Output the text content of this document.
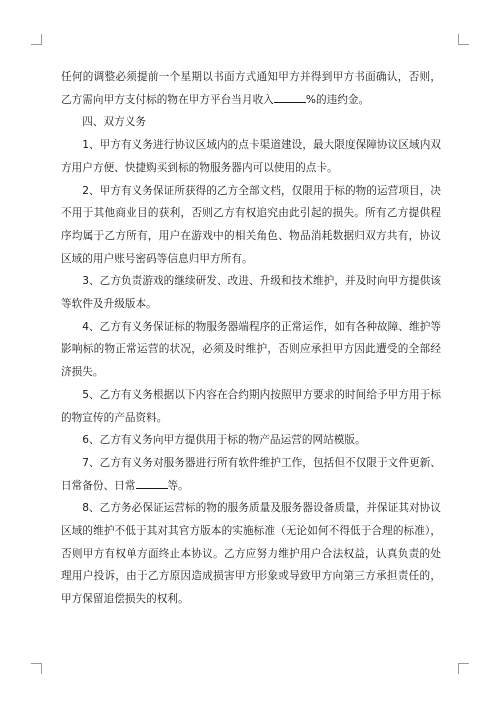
任何的调整必须提前一个星期以书面方式通知甲方并得到甲方书面确认，否则，乙方需向甲方支付标的物在甲方平台当月收入	%的违约金。

四、双方义务

1、甲方有义务进行协议区域内的点卡渠道建设，最大限度保障协议区域内双方用户方便、快捷购买到标的物服务器内可以使用的点卡。

2、甲方有义务保证所获得的乙方全部文档，仅限用于标的物的运营项目，决不用于其他商业目的获利，否则乙方有权追究由此引起的损失。所有乙方提供程序均属于乙方所有，用户在游戏中的相关角色、物品消耗数据归双方共有，协议区域的用户账号密码等信息归甲方所有。

3、乙方负责游戏的继续研发、改进、升级和技术维护，并及时向甲方提供该等软件及升级版本。

4、乙方有义务保证标的物服务器端程序的正常运作，如有各种故障、维护等影响标的物正常运营的状况，必须及时维护，否则应承担甲方因此遭受的全部经济损失。

5、乙方有义务根据以下内容在合约期内按照甲方要求的时间给予甲方用于标的物宣传的产品资料。

6、乙方有义务向甲方提供用于标的物产品运营的网站模版。

7、乙方有义务对服务器进行所有软件维护工作，包括但不仅限于文件更新、日常备份、日常	等。

8、乙方务必保证运营标的物的服务质量及服务器设备质量，并保证其对协议区域的维护不低于其对其官方版本的实施标准（无论如何不得低于合理的标准），否则甲方有权单方面终止本协议。乙方应努力维护用户合法权益，认真负责的处理用户投诉，由于乙方原因造成损害甲方形象或导致甲方向第三方承担责任的，甲方保留追偿损失的权利。
